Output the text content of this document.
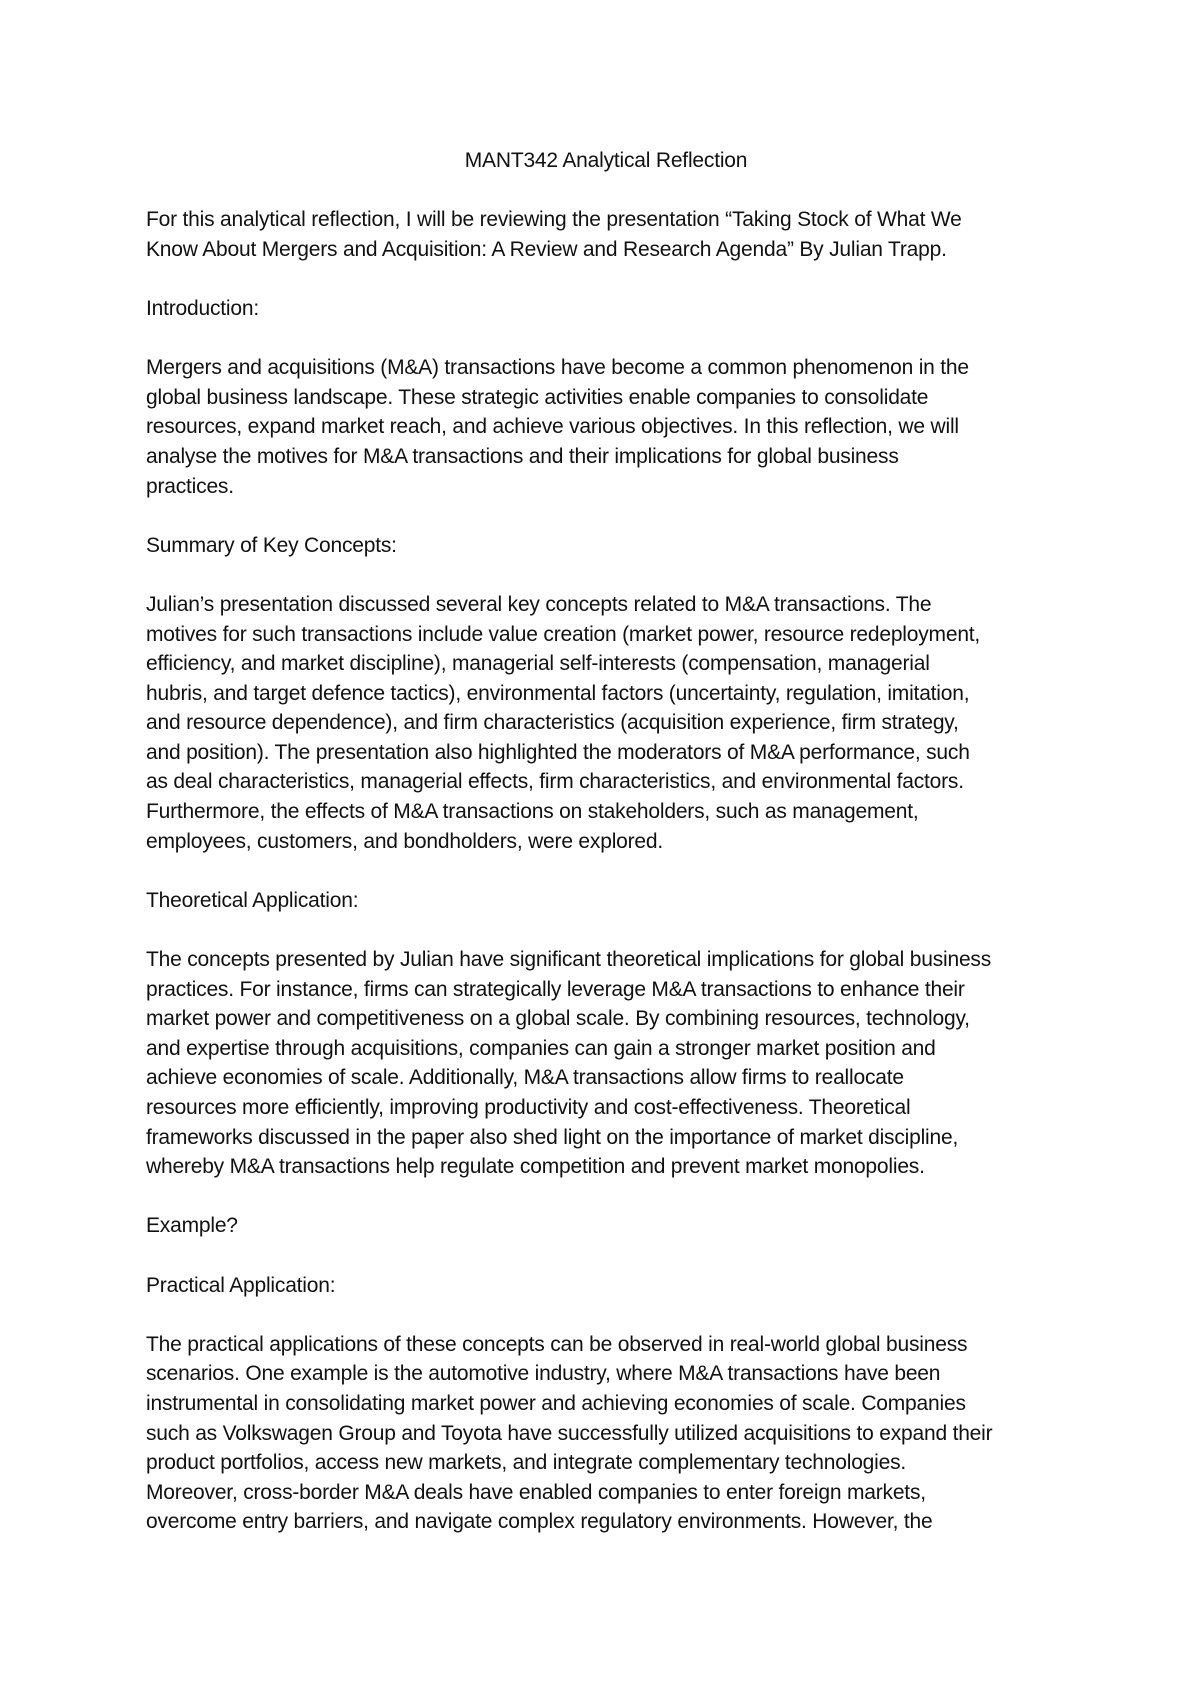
MANT342 Analytical Reflection
For this analytical reflection, I will be reviewing the presentation “Taking Stock of What We
Know About Mergers and Acquisition: A Review and Research Agenda” By Julian Trapp.
Introduction:
Mergers and acquisitions (M&A) transactions have become a common phenomenon in the
global business landscape. These strategic activities enable companies to consolidate
resources, expand market reach, and achieve various objectives. In this reflection, we will
analyse the motives for M&A transactions and their implications for global business
practices.
Summary of Key Concepts:
Julian’s presentation discussed several key concepts related to M&A transactions. The
motives for such transactions include value creation (market power, resource redeployment,
efficiency, and market discipline), managerial self-interests (compensation, managerial
hubris, and target defence tactics), environmental factors (uncertainty, regulation, imitation,
and resource dependence), and firm characteristics (acquisition experience, firm strategy,
and position). The presentation also highlighted the moderators of M&A performance, such
as deal characteristics, managerial effects, firm characteristics, and environmental factors.
Furthermore, the effects of M&A transactions on stakeholders, such as management,
employees, customers, and bondholders, were explored.
Theoretical Application:
The concepts presented by Julian have significant theoretical implications for global business
practices. For instance, firms can strategically leverage M&A transactions to enhance their
market power and competitiveness on a global scale. By combining resources, technology,
and expertise through acquisitions, companies can gain a stronger market position and
achieve economies of scale. Additionally, M&A transactions allow firms to reallocate
resources more efficiently, improving productivity and cost-effectiveness. Theoretical
frameworks discussed in the paper also shed light on the importance of market discipline,
whereby M&A transactions help regulate competition and prevent market monopolies.
Example?
Practical Application:
The practical applications of these concepts can be observed in real-world global business
scenarios. One example is the automotive industry, where M&A transactions have been
instrumental in consolidating market power and achieving economies of scale. Companies
such as Volkswagen Group and Toyota have successfully utilized acquisitions to expand their
product portfolios, access new markets, and integrate complementary technologies.
Moreover, cross-border M&A deals have enabled companies to enter foreign markets,
overcome entry barriers, and navigate complex regulatory environments. However, the
